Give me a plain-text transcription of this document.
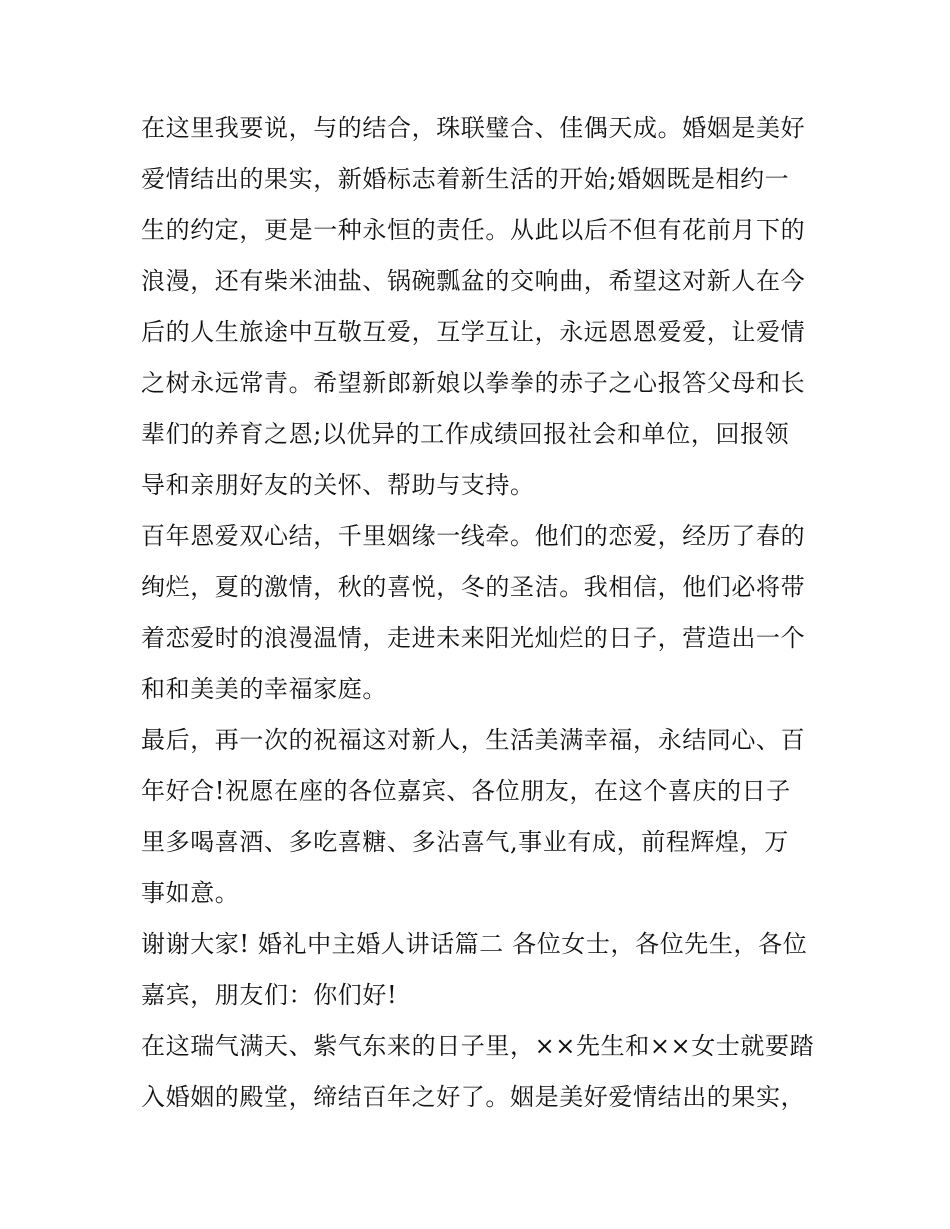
在这里我要说，与的结合，珠联璧合、佳偶天成。婚姻是美好
爱情结出的果实，新婚标志着新生活的开始;婚姻既是相约一
生的约定，更是一种永恒的责任。从此以后不但有花前月下的
浪漫，还有柴米油盐、锅碗瓢盆的交响曲，希望这对新人在今
后的人生旅途中互敬互爱，互学互让，永远恩恩爱爱，让爱情
之树永远常青。希望新郎新娘以拳拳的赤子之心报答父母和长
辈们的养育之恩;以优异的工作成绩回报社会和单位，回报领
导和亲朋好友的关怀、帮助与支持。
百年恩爱双心结，千里姻缘一线牵。他们的恋爱，经历了春的
绚烂，夏的激情，秋的喜悦，冬的圣洁。我相信，他们必将带
着恋爱时的浪漫温情，走进未来阳光灿烂的日子，营造出一个
和和美美的幸福家庭。
最后，再一次的祝福这对新人，生活美满幸福，永结同心、百
年好合!祝愿在座的各位嘉宾、各位朋友，在这个喜庆的日子
里多喝喜酒、多吃喜糖、多沾喜气,事业有成，前程辉煌，万
事如意。
谢谢大家! 婚礼中主婚人讲话篇二 各位女士，各位先生，各位
嘉宾，朋友们：你们好!
在这瑞气满天、紫气东来的日子里，××先生和××女士就要踏
入婚姻的殿堂，缔结百年之好了。姻是美好爱情结出的果实，
